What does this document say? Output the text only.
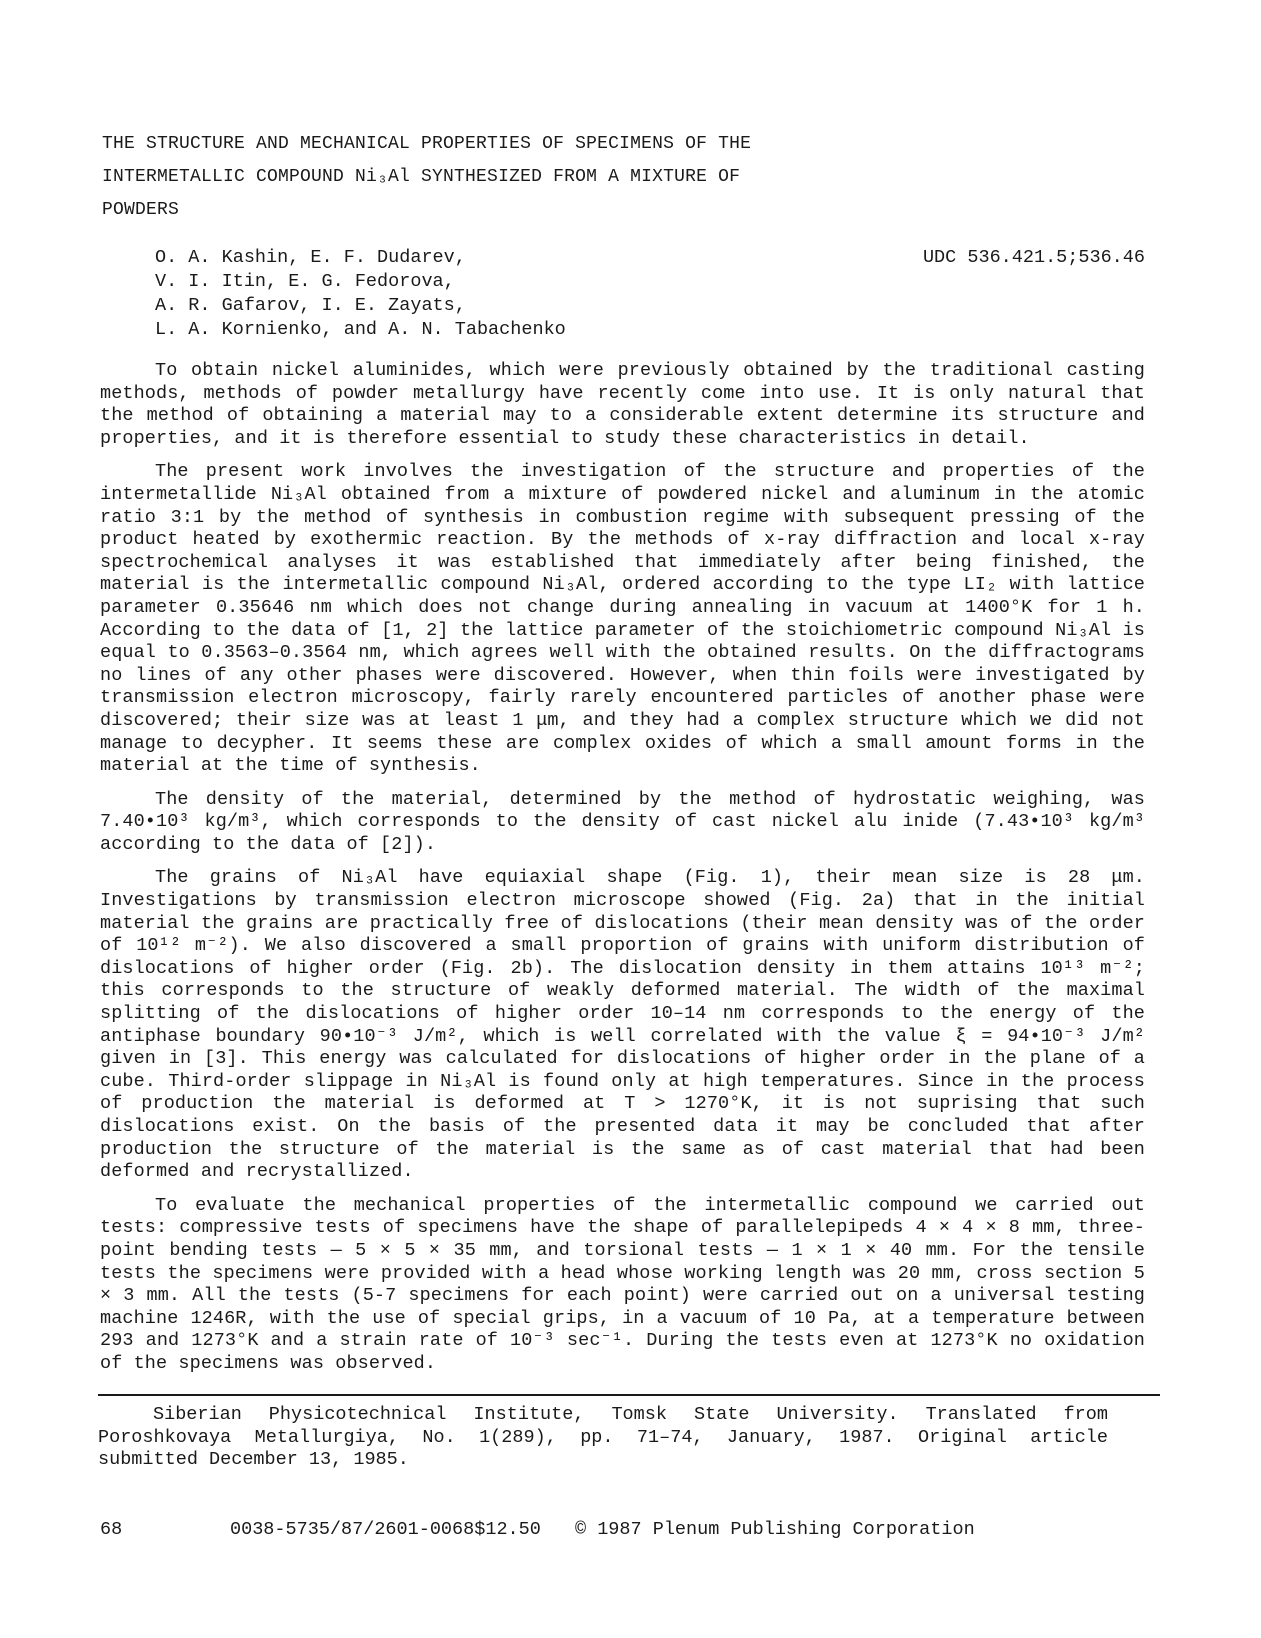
THE STRUCTURE AND MECHANICAL PROPERTIES OF SPECIMENS OF THE
INTERMETALLIC COMPOUND Ni₃Al SYNTHESIZED FROM A MIXTURE OF
POWDERS
O. A. Kashin, E. F. Dudarev,
V. I. Itin, E. G. Fedorova,
A. R. Gafarov, I. E. Zayats,
L. A. Kornienko, and A. N. Tabachenko
UDC 536.421.5;536.46

To obtain nickel aluminides, which were previously obtained by the traditional casting methods, methods of powder metallurgy have recently come into use. It is only natural that the method of obtaining a material may to a considerable extent determine its structure and properties, and it is therefore essential to study these characteristics in detail.

The present work involves the investigation of the structure and properties of the intermetallide Ni₃Al obtained from a mixture of powdered nickel and aluminum in the atomic ratio 3:1 by the method of synthesis in combustion regime with subsequent pressing of the product heated by exothermic reaction. By the methods of x-ray diffraction and local x-ray spectrochemical analyses it was established that immediately after being finished, the material is the intermetallic compound Ni₃Al, ordered according to the type LI₂ with lattice parameter 0.35646 nm which does not change during annealing in vacuum at 1400°K for 1 h. According to the data of [1, 2] the lattice parameter of the stoichiometric compound Ni₃Al is equal to 0.3563–0.3564 nm, which agrees well with the obtained results. On the diffractograms no lines of any other phases were discovered. However, when thin foils were investigated by transmission electron microscopy, fairly rarely encountered particles of another phase were discovered; their size was at least 1 μm, and they had a complex structure which we did not manage to decypher. It seems these are complex oxides of which a small amount forms in the material at the time of synthesis.

The density of the material, determined by the method of hydrostatic weighing, was 7.40•10³ kg/m³, which corresponds to the density of cast nickel alu inide (7.43•10³ kg/m³ according to the data of [2]).

The grains of Ni₃Al have equiaxial shape (Fig. 1), their mean size is 28 μm. Investigations by transmission electron microscope showed (Fig. 2a) that in the initial material the grains are practically free of dislocations (their mean density was of the order of 10¹² m⁻²). We also discovered a small proportion of grains with uniform distribution of dislocations of higher order (Fig. 2b). The dislocation density in them attains 10¹³ m⁻²; this corresponds to the structure of weakly deformed material. The width of the maximal splitting of the dislocations of higher order 10–14 nm corresponds to the energy of the antiphase boundary 90•10⁻³ J/m², which is well correlated with the value ξ = 94•10⁻³ J/m² given in [3]. This energy was calculated for dislocations of higher order in the plane of a cube. Third-order slippage in Ni₃Al is found only at high temperatures. Since in the process of production the material is deformed at T > 1270°K, it is not suprising that such dislocations exist. On the basis of the presented data it may be concluded that after production the structure of the material is the same as of cast material that had been deformed and recrystallized.

To evaluate the mechanical properties of the intermetallic compound we carried out tests: compressive tests of specimens have the shape of parallelepipeds 4 × 4 × 8 mm, three-point bending tests — 5 × 5 × 35 mm, and torsional tests — 1 × 1 × 40 mm. For the tensile tests the specimens were provided with a head whose working length was 20 mm, cross section 5 × 3 mm. All the tests (5-7 specimens for each point) were carried out on a universal testing machine 1246R, with the use of special grips, in a vacuum of 10 Pa, at a temperature between 293 and 1273°K and a strain rate of 10⁻³ sec⁻¹. During the tests even at 1273°K no oxidation of the specimens was observed.

Siberian Physicotechnical Institute, Tomsk State University. Translated from Poroshkovaya Metallurgiya, No. 1(289), pp. 71–74, January, 1987. Original article submitted December 13, 1985.

68

	0038-5735/87/2601-0068$12.50

© 1987 Plenum Publishing Corporation
